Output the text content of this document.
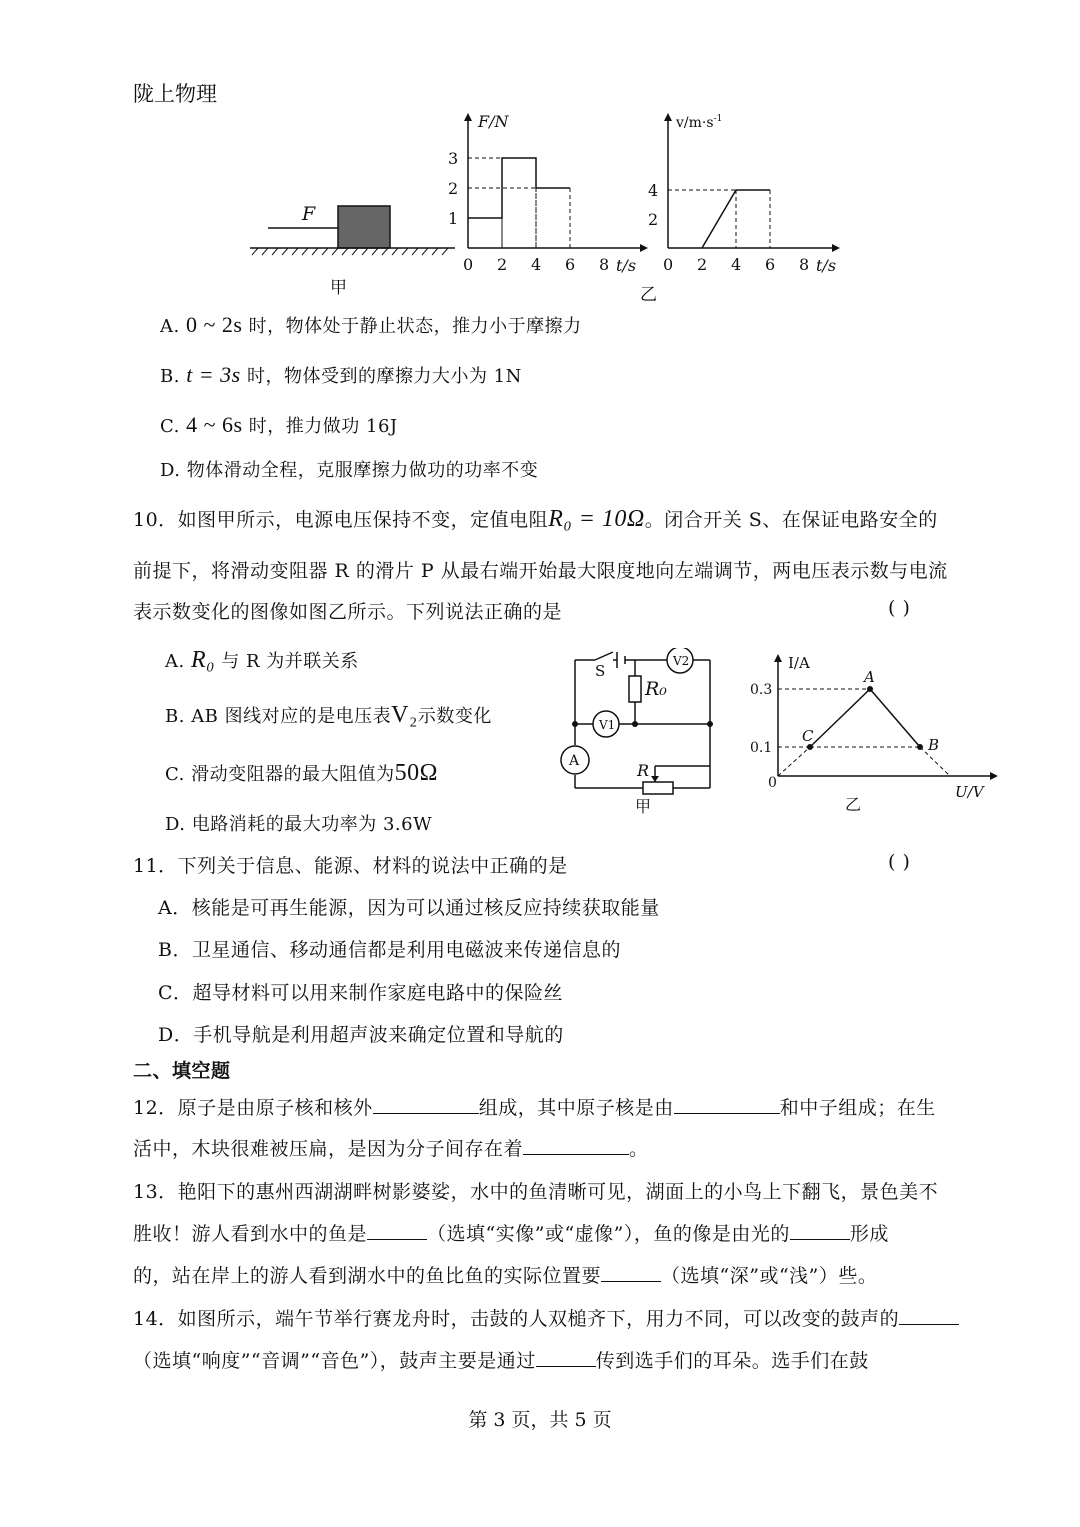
陇上物理
F
甲
F/N
t/s
0 2 4 6 8
1
2
3
$v/m\cdot s^{-1}$
t/s
0 2 4 6 8
2
4
乙
A. 0 ~ 2s 时，物体处于静止状态，推力小于摩擦力
B. t = 3s 时，物体受到的摩擦力大小为 1N
C. 4 ~ 6s 时，推力做功 16J
D. 物体滑动全程，克服摩擦力做功的功率不变
10．如图甲所示，电源电压保持不变，定值电阻R₀ = 10Ω。闭合开关 S、在保证电路安全的
前提下，将滑动变阻器 R 的滑片 P 从最右端开始最大限度地向左端调节，两电压表示数与电流
表示数变化的图像如图乙所示。下列说法正确的是	( )
A. R₀ 与 R 为并联关系
B. AB 图线对应的是电压表V₂示数变化
C. 滑动变阻器的最大阻值为50Ω
D. 电路消耗的最大功率为 3.6W
S
V2
V1
A
R₀
R
甲
I/A
0.3
0.1
0
A
C	B
U/V
乙
11．下列关于信息、能源、材料的说法中正确的是	( )
A．核能是可再生能源，因为可以通过核反应持续获取能量
B．卫星通信、移动通信都是利用电磁波来传递信息的
C．超导材料可以用来制作家庭电路中的保险丝
D．手机导航是利用超声波来确定位置和导航的
二、填空题
12．原子是由原子核和核外	组成，其中原子核是由	和中子组成；在生
活中，木块很难被压扁，是因为分子间存在着	。
13．艳阳下的惠州西湖湖畔树影婆娑，水中的鱼清晰可见，湖面上的小鸟上下翻飞，景色美不
胜收！游人看到水中的鱼是	（选填“实像”或“虚像”），鱼的像是由光的	形成
的，站在岸上的游人看到湖水中的鱼比鱼的实际位置要	（选填“深”或“浅”）些。
14．如图所示，端午节举行赛龙舟时，击鼓的人双槌齐下，用力不同，可以改变的鼓声的
（选填“响度”“音调”“音色”），鼓声主要是通过	传到选手们的耳朵。选手们在鼓
第 3 页，共 5 页
